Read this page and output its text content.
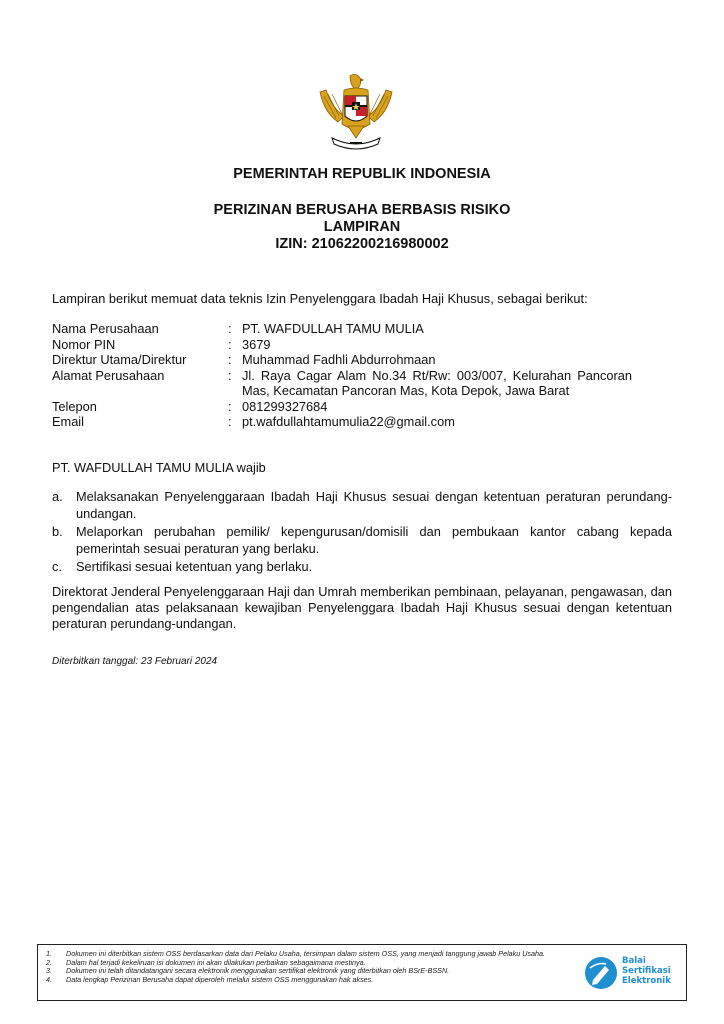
PEMERINTAH REPUBLIK INDONESIA
PERIZINAN BERUSAHA BERBASIS RISIKO
LAMPIRAN
IZIN: 21062200216980002
Lampiran berikut memuat data teknis Izin Penyelenggara Ibadah Haji Khusus, sebagai berikut:
Nama Perusahaan	: PT. WAFDULLAH TAMU MULIA
Nomor PIN	: 3679
Direktur Utama/Direktur	: Muhammad Fadhli Abdurrohmaan
Alamat Perusahaan	: Jl. Raya Cagar Alam No.34 Rt/Rw: 003/007, Kelurahan Pancoran Mas, Kecamatan Pancoran Mas, Kota Depok, Jawa Barat
Telepon	: 081299327684
Email	: pt.wafdullahtamumulia22@gmail.com
PT. WAFDULLAH TAMU MULIA wajib
a.	Melaksanakan Penyelenggaraan Ibadah Haji Khusus sesuai dengan ketentuan peraturan perundang-undangan.
b.	Melaporkan perubahan pemilik/ kepengurusan/domisili dan pembukaan kantor cabang kepada pemerintah sesuai peraturan yang berlaku.
c.	Sertifikasi sesuai ketentuan yang berlaku.
Direktorat Jenderal Penyelenggaraan Haji dan Umrah memberikan pembinaan, pelayanan, pengawasan, dan pengendalian atas pelaksanaan kewajiban Penyelenggara Ibadah Haji Khusus sesuai dengan ketentuan peraturan perundang-undangan.
Diterbitkan tanggal: 23 Februari 2024
1.	Dokumen ini diterbitkan sistem OSS berdasarkan data dari Pelaku Usaha, tersimpan dalam sistem OSS, yang menjadi tanggung jawab Pelaku Usaha.
2.	Dalam hal terjadi kekeliruan isi dokumen ini akan dilakukan perbaikan sebagaimana mestinya.
3.	Dokumen ini telah ditandatangani secara elektronik menggunakan sertifikat elektronik yang diterbitkan oleh BSrE-BSSN.
4.	Data lengkap Perizinan Berusaha dapat diperoleh melalui sistem OSS menggunakan hak akses.
Balai
Sertifikasi
Elektronik
